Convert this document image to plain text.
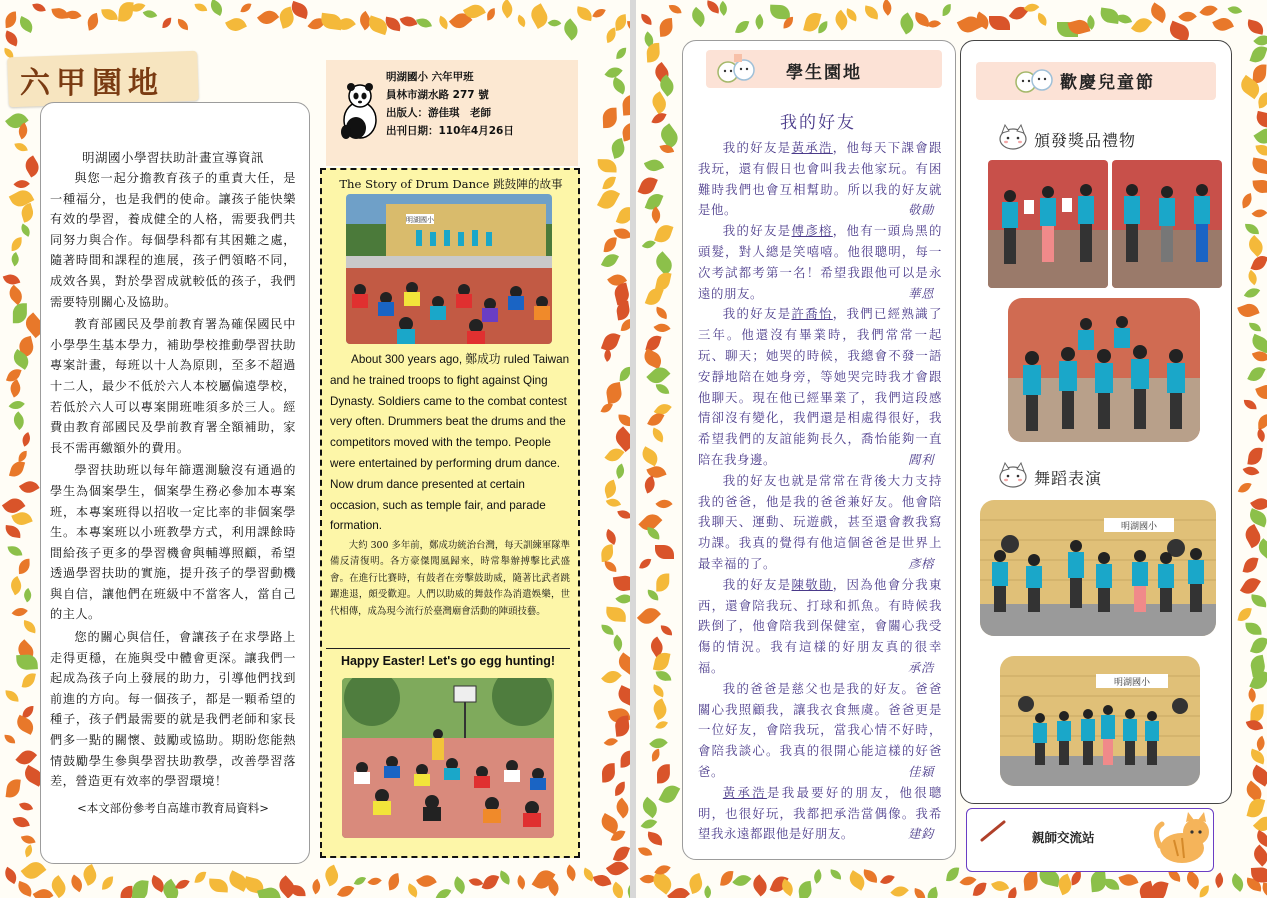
六甲園地
明湖國小學習扶助計畫宣導資訊

與您一起分擔教育孩子的重責大任，是一種福分，也是我們的使命。讓孩子能快樂有效的學習，養成健全的人格，需要我們共同努力與合作。每個學科都有其困難之處，隨著時間和課程的進展，孩子們領略不同，成效各異，對於學習成就較低的孩子，我們需要特別關心及協助。

教育部國民及學前教育署為確保國民中小學學生基本學力，補助學校推動學習扶助專案計畫，每班以十人為原則，至多不超過十二人，最少不低於六人本校屬偏遠學校，若低於六人可以專案開班唯須多於三人。經費由教育部國民及學前教育署全額補助，家長不需再繳額外的費用。

學習扶助班以每年篩選測驗沒有通過的學生為個案學生，個案學生務必參加本專案班，本專案班得以招收一定比率的非個案學生。本專案班以小班教學方式，利用課餘時間給孩子更多的學習機會與輔導照顧，希望透過學習扶助的實施，提升孩子的學習動機與自信，讓他們在班級中不當客人，當自己的主人。

您的關心與信任，會讓孩子在求學路上走得更穩，在施與受中體會更深。讓我們一起成為孩子向上發展的助力，引導他們找到前進的方向。每一個孩子，都是一顆希望的種子，孩子們最需要的就是我們老師和家長們多一點的關懷、鼓勵或協助。期盼您能熱情鼓勵學生參與學習扶助教學，改善學習落差，營造更有效率的學習環境！

<本文部份參考自高雄市教育局資料>
明湖國小 六年甲班
員林市湖水路 277 號
出版人：游佳琪　老師
出刊日期：110年4月26日
The Story of Drum Dance 跳鼓陣的故事
明湖國小
About 300 years ago, 鄭成功 ruled Taiwan and he trained troops to fight against Qing Dynasty. Soldiers came to the combat contest very often. Drummers beat the drums and the competitors moved with the tempo. People were entertained by performing drum dance. Now drum dance presented at certain occasion, such as temple fair, and parade formation.
大約 300 多年前，鄭成功統治台灣，每天訓練軍隊準備反清復明。各方豪傑聞風歸來，時常舉辦搏擊比武盛會。在進行比賽時，有鼓者在旁擊鼓助威，隨著比武者跳躍進退，頗受歡迎。人們以助威的舞鼓作為消遣娛樂，世代相傳，成為現今流行於臺灣廟會活動的陣頭技藝。
Happy Easter! Let's go egg hunting!
學生園地
我的好友
我的好友是黃承浩，他每天下課會跟我玩，還有假日也會叫我去他家玩。有困難時我們也會互相幫助。所以我的好友就是他。	敬勛
我的好友是傅彥榕，他有一頭烏黑的頭髮，對人總是笑嘻嘻。他很聰明，每一次考試都考第一名！希望我跟他可以是永遠的朋友。	華恩
我的好友是許喬怡，我們已經熟識了三年。他還沒有畢業時，我們常常一起玩、聊天；她哭的時候，我總會不發一語安靜地陪在她身旁，等她哭完時我才會跟他聊天。現在他已經畢業了，我們這段感情卻沒有變化，我們還是相處得很好，我希望我們的友誼能夠長久，喬怡能夠一直陪在我身邊。	閻利
我的好友也就是常常在背後大力支持我的爸爸，他是我的爸爸兼好友。他會陪我聊天、運動、玩遊戲，甚至還會教我寫功課。我真的覺得有他這個爸爸是世界上最幸福的了。	彥榕
我的好友是陳敬勛，因為他會分我東西，還會陪我玩、打球和抓魚。有時候我跌倒了，他會陪我到保健室，會關心我受傷的情況。我有這樣的好朋友真的很幸福。	承浩
我的爸爸是慈父也是我的好友。爸爸關心我照顧我，讓我衣食無虞。爸爸更是一位好友，會陪我玩，當我心情不好時，會陪我談心。我真的很開心能這樣的好爸爸。	佳穎
黃承浩是我最要好的朋友，他很聰明，也很好玩，我都把承浩當偶像。我希望我永遠都跟他是好朋友。	建鈞
歡慶兒童節
頒發獎品禮物
舞蹈表演
明湖國小
明湖國小
親師交流站
